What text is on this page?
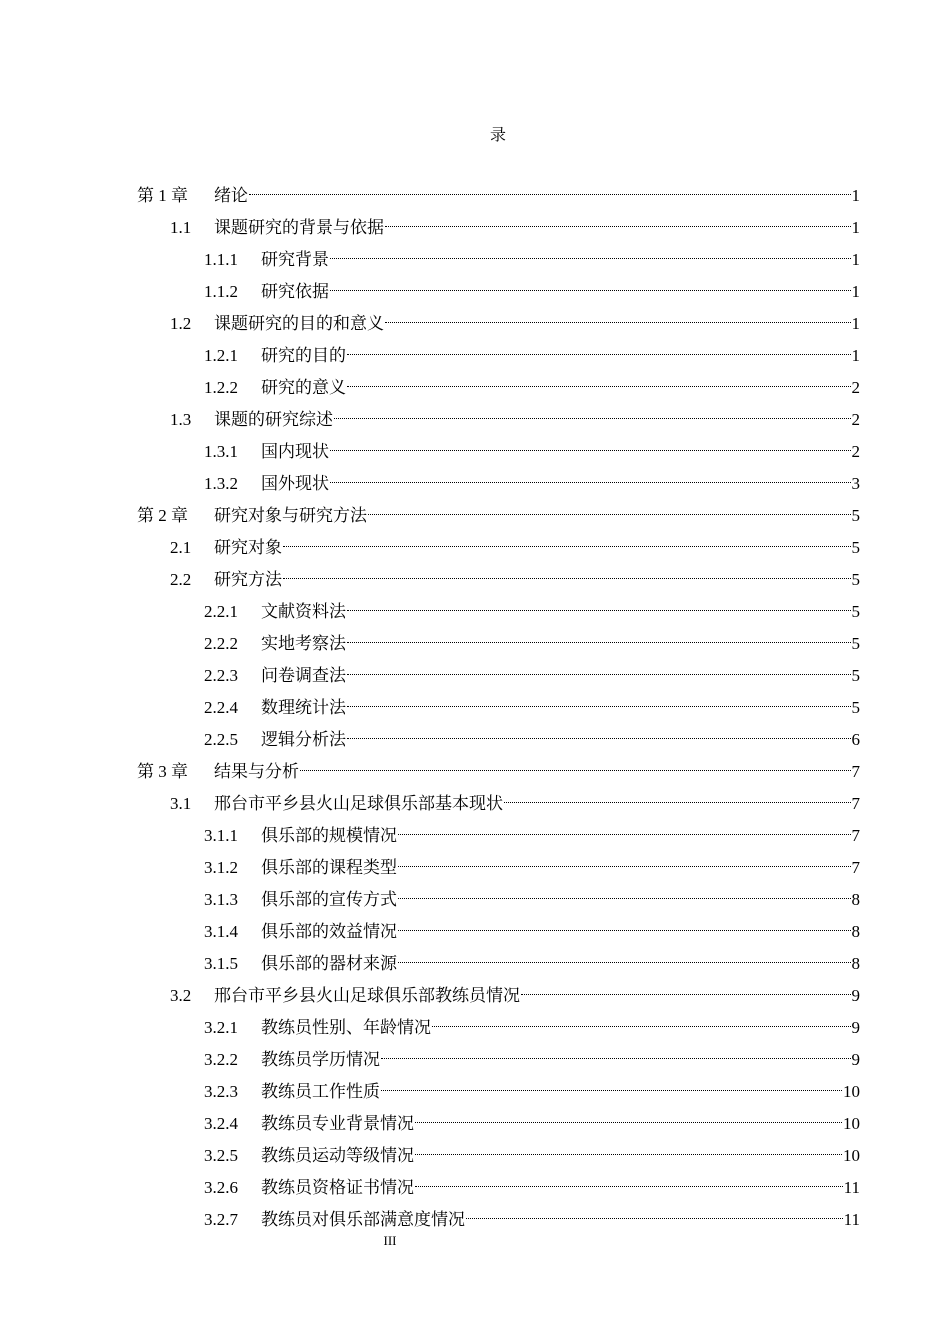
录
第 1 章	绪论	1
1.1	课题研究的背景与依据	1
1.1.1	研究背景	1
1.1.2	研究依据	1
1.2	课题研究的目的和意义	1
1.2.1	研究的目的	1
1.2.2	研究的意义	2
1.3	课题的研究综述	2
1.3.1	国内现状	2
1.3.2	国外现状	3
第 2 章	研究对象与研究方法	5
2.1	研究对象	5
2.2	研究方法	5
2.2.1	文献资料法	5
2.2.2	实地考察法	5
2.2.3	问卷调查法	5
2.2.4	数理统计法	5
2.2.5	逻辑分析法	6
第 3 章	结果与分析	7
3.1	邢台市平乡县火山足球俱乐部基本现状	7
3.1.1	俱乐部的规模情况	7
3.1.2	俱乐部的课程类型	7
3.1.3	俱乐部的宣传方式	8
3.1.4	俱乐部的效益情况	8
3.1.5	俱乐部的器材来源	8
3.2	邢台市平乡县火山足球俱乐部教练员情况	9
3.2.1	教练员性别、年龄情况	9
3.2.2	教练员学历情况	9
3.2.3	教练员工作性质	10
3.2.4	教练员专业背景情况	10
3.2.5	教练员运动等级情况	10
3.2.6	教练员资格证书情况	11
3.2.7	教练员对俱乐部满意度情况	11
III
